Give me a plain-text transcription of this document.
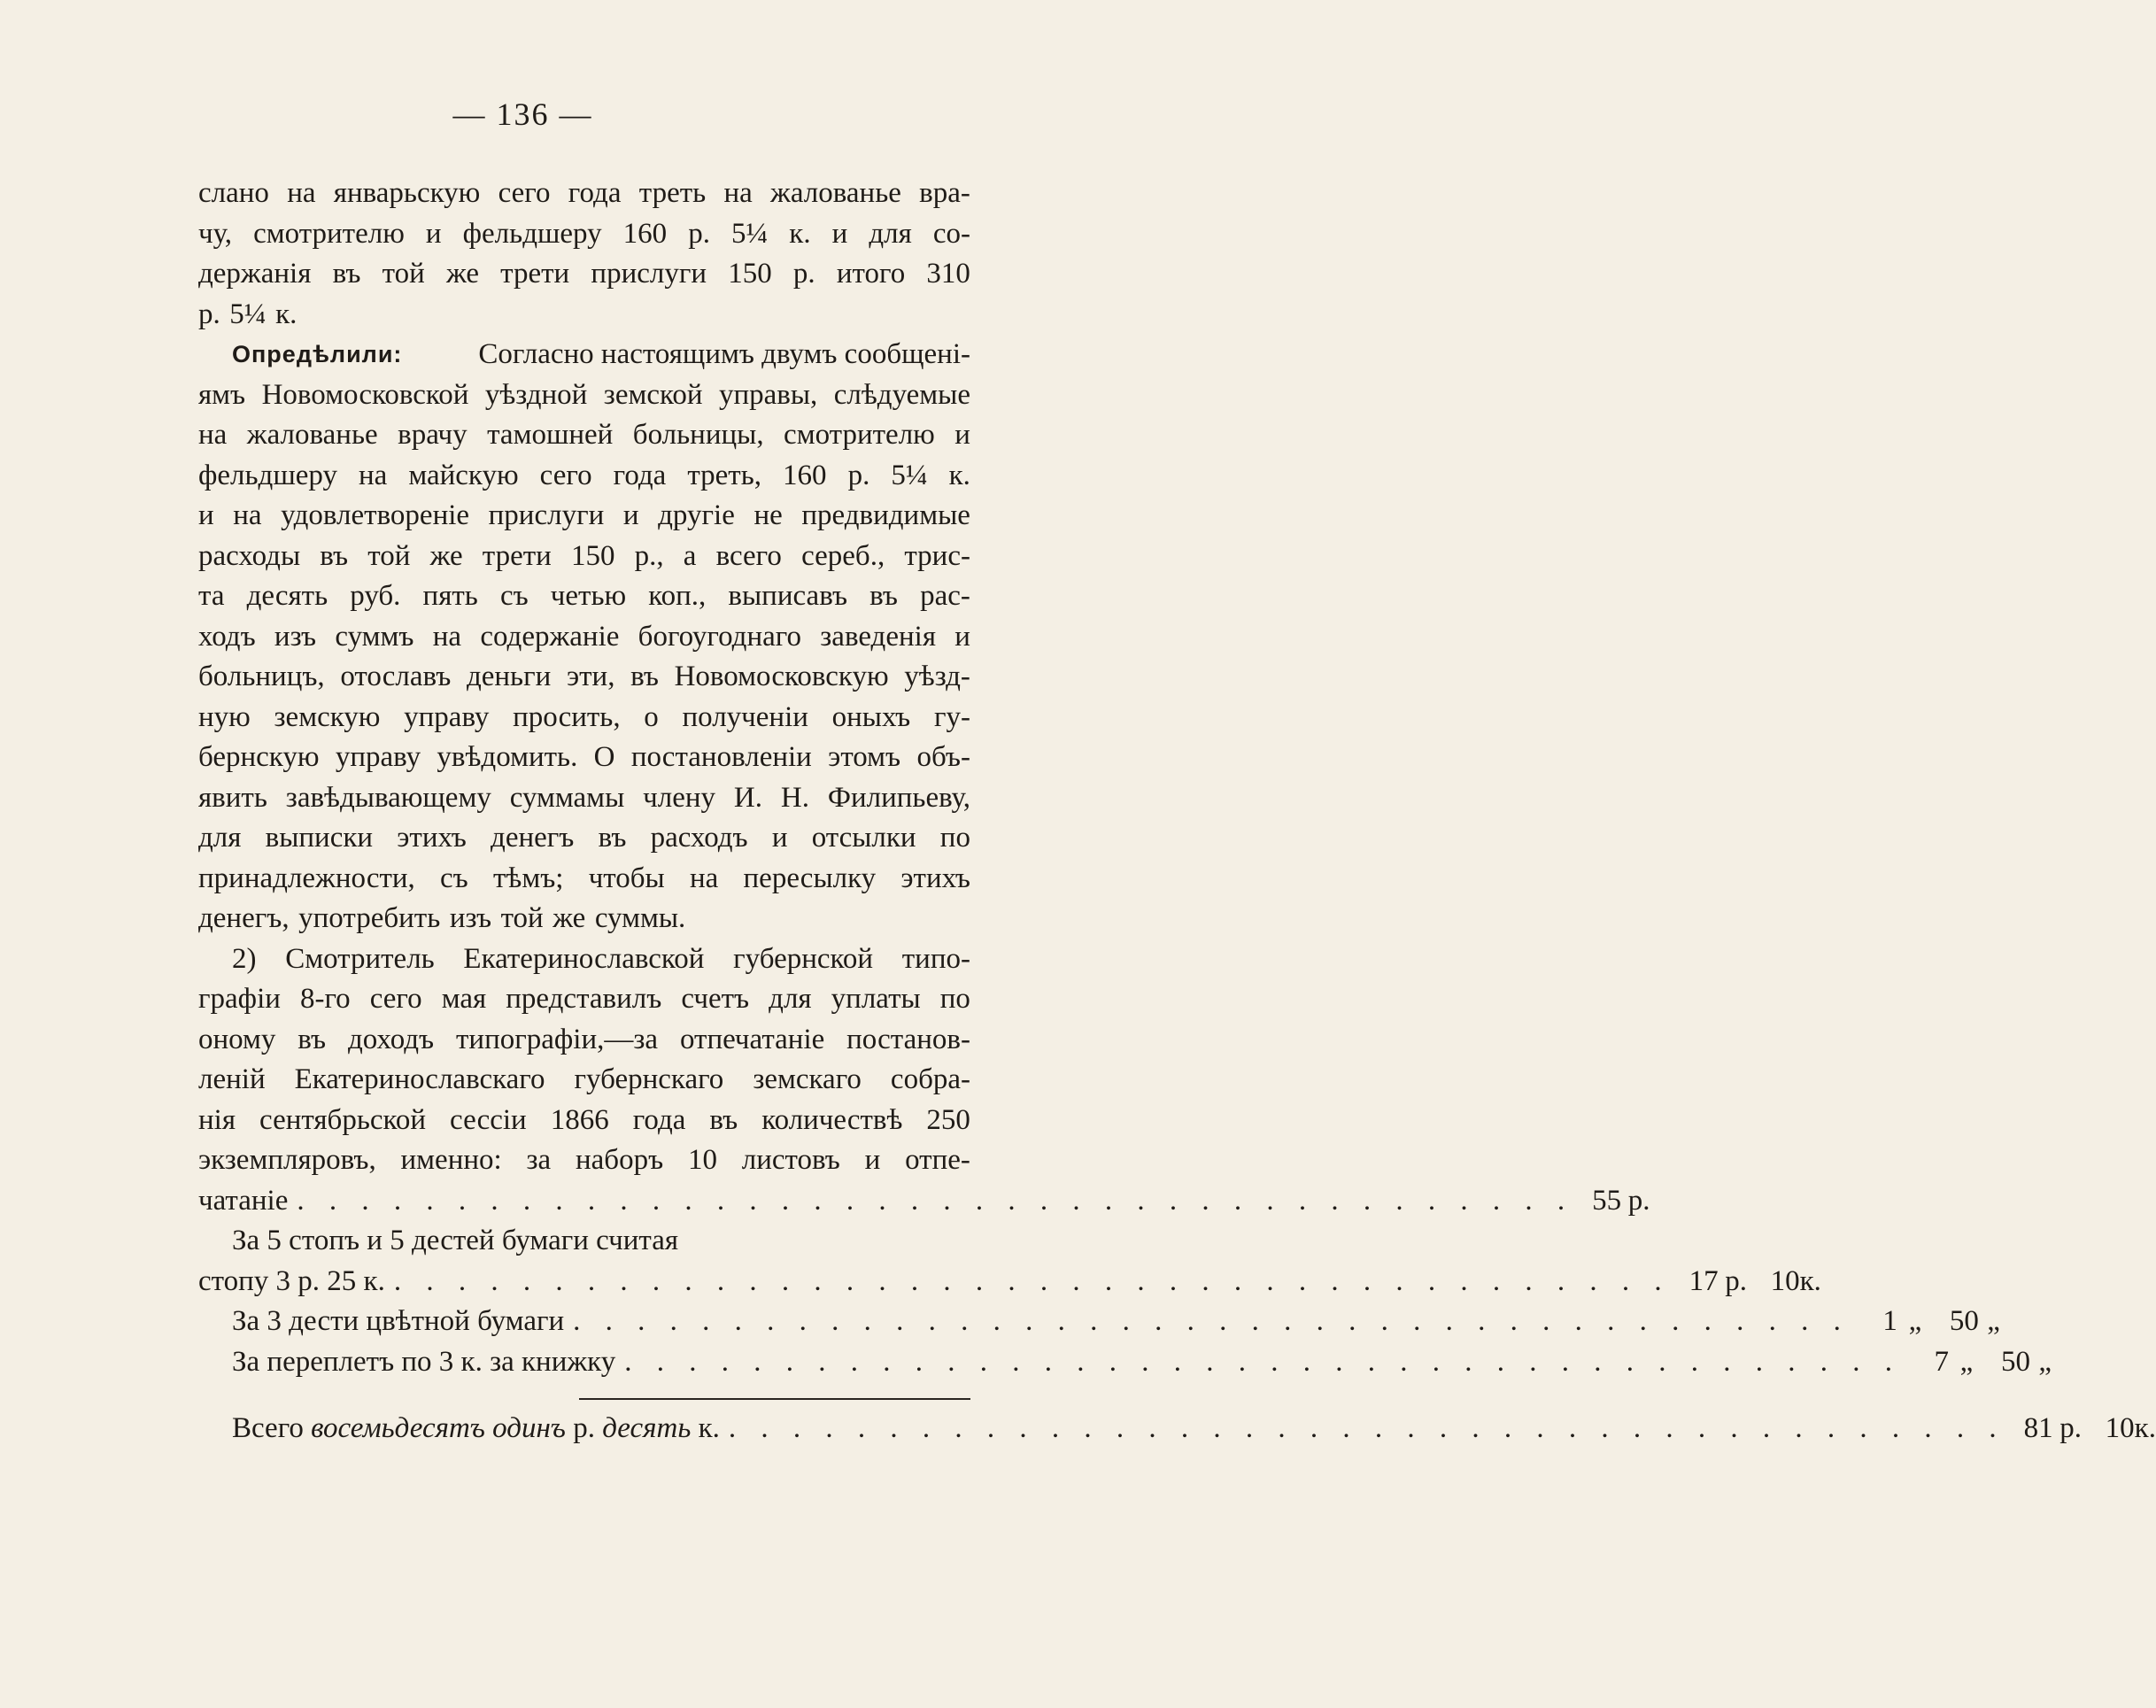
— 136 —
слано на январьскую сего года треть на жалованье вра-
чу, смотрителю и фельдшеру 160 р. 5¼ к. и для со-
держанія въ той же трети прислуги 150 р. итого 310
р. 5¼ к.
Опредѣлили:	Согласно настоящимъ двумъ сообщені-
ямъ Новомосковской уѣздной земской управы, слѣдуемые
на жалованье врачу тамошней больницы, смотрителю и
фельдшеру на майскую сего года треть, 160 р. 5¼ к.
и на удовлетвореніе прислуги и другіе не предвидимые
расходы въ той же трети 150 р., а всего сереб., трис-
та десять руб. пять съ четью коп., выписавъ въ рас-
ходъ изъ суммъ на содержаніе богоугоднаго заведенія и
больницъ, отославъ деньги эти, въ Новомосковскую уѣзд-
ную земскую управу просить, о полученіи оныхъ гу-
бернскую управу увѣдомить. О постановленіи этомъ объ-
явить завѣдывающему суммамы члену И. Н. Филипьеву,
для выписки этихъ денегъ въ расходъ и отсылки по
принадлежности, съ тѣмъ; чтобы на пересылку этихъ
денегъ, употребить изъ той же суммы.
2) Смотритель Екатеринославской губернской типо-
графіи 8-го сего мая представилъ счетъ для уплаты по
оному въ доходъ типографіи,—за отпечатаніе постанов-
леній Екатеринославскаго губернскаго земскаго собра-
нія сентябрьской сессіи 1866 года въ количествѣ 250
экземпляровъ, именно: за наборъ 10 листовъ и отпе-
чатаніе . . . . . . . . . . . . . . . . . . . . . . . . . . . . . . . . . . . . . . . . 55 р.
За 5 стопъ и 5 дестей бумаги считая
стопу 3 р. 25 к. . . . . . . . . . . . . . . . . . . . . . . . . . . . . . . . . . . . . . . . . 17 р. 10 к.
За 3 дести цвѣтной бумаги . . . . . . . . . . . . . . . . . . . . . . . . . . . . . . . . . . . . . . . .	1 „ 50 „
За переплетъ по 3 к. за книжку . . . . . . . . . . . . . . . . . . . . . . . . . . . . . . . . . . . . . . . .	7 „ 50 „
Всего восемьдесятъ одинъ р. десять к. . . . . . . . . . . . . . . . . . . . . . . . . . . . . . . . . . . . . . . . . 81 р. 10 к.
